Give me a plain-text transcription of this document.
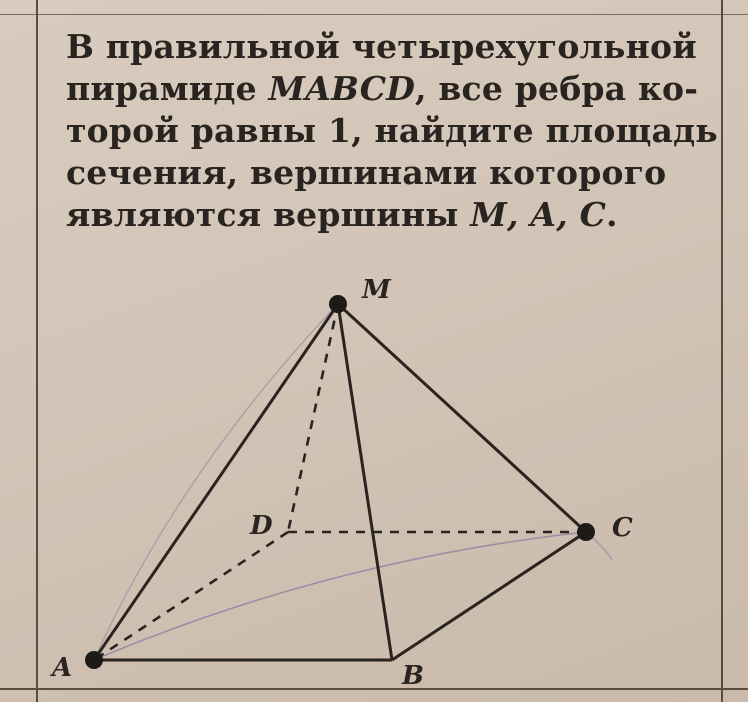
В правильной четырехугольной
пирамиде MABCD, все ребра ко-
торой равны 1, найдите площадь
сечения, вершинами которого
являются вершины M, A, C.
M
A	B
C
D
